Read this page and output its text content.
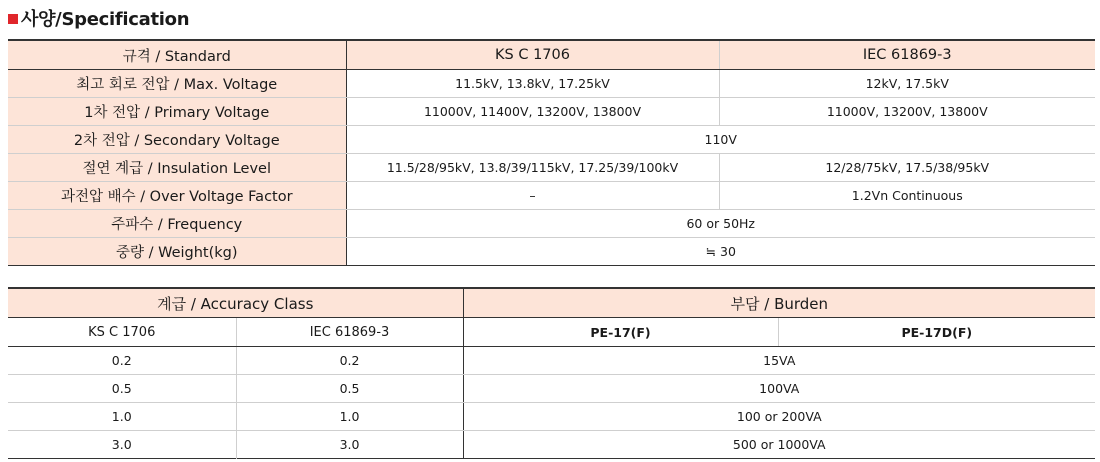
사양/Specification
규격 / Standard	KS C 1706	IEC 61869-3
최고 회로 전압 / Max. Voltage	11.5kV, 13.8kV, 17.25kV	12kV, 17.5kV
1차 전압 / Primary Voltage	11000V, 11400V, 13200V, 13800V	11000V, 13200V, 13800V
2차 전압 / Secondary Voltage	110V	
절연 계급 / Insulation Level	11.5/28/95kV, 13.8/39/115kV, 17.25/39/100kV	12/28/75kV, 17.5/38/95kV
과전압 배수 / Over Voltage Factor	–	1.2Vn Continuous
주파수 / Frequency	60 or 50Hz	
중량 / Weight(kg)	≒ 30	
계급 / Accuracy Class		부담 / Burden	
KS C 1706	IEC 61869-3	PE-17(F)	PE-17D(F)
0.2	0.2	15VA	
0.5	0.5	100VA	
1.0	1.0	100 or 200VA	
3.0	3.0	500 or 1000VA	
